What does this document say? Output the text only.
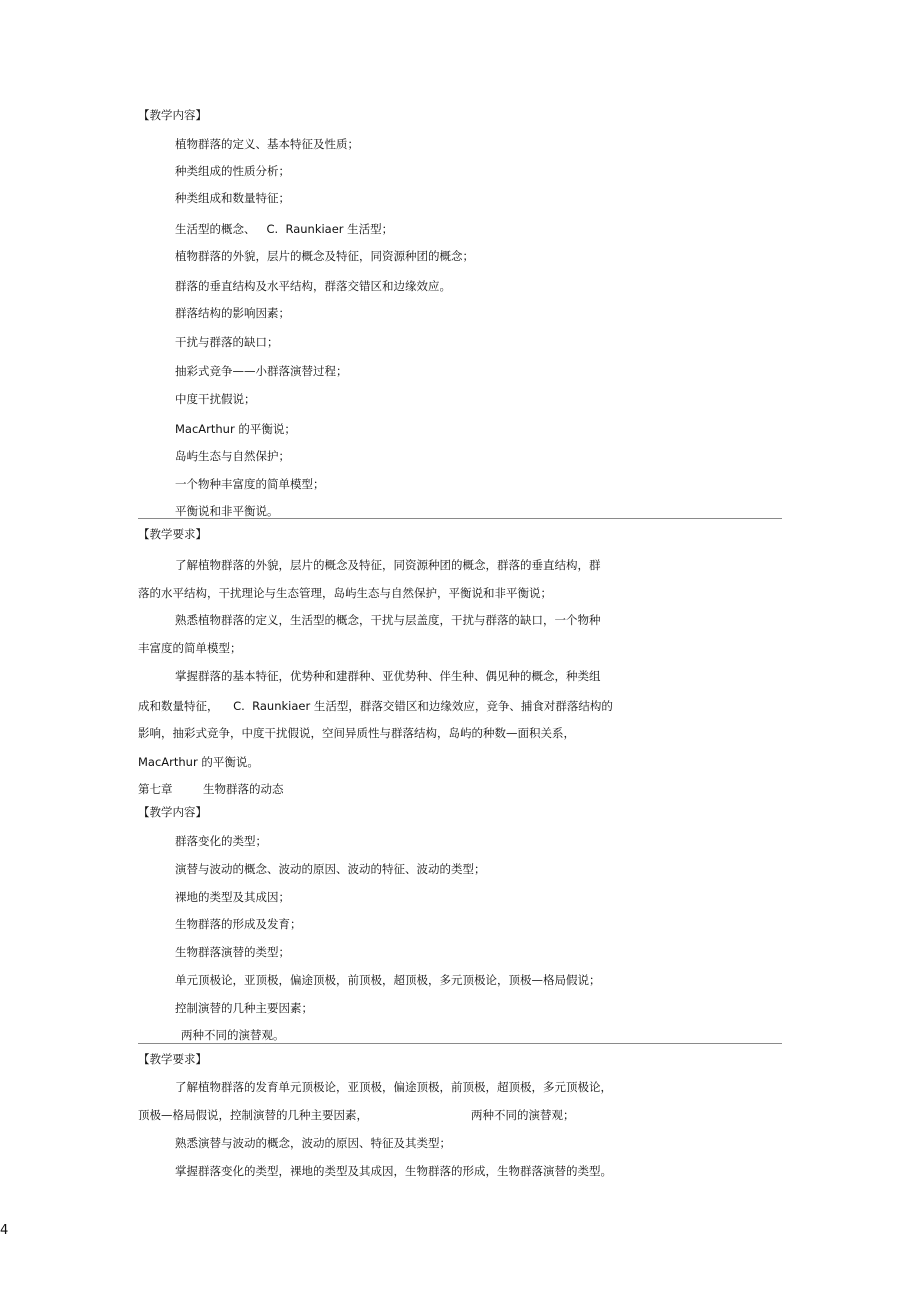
【教学内容】
植物群落的定义、基本特征及性质；
种类组成的性质分析；
种类组成和数量特征；
生活型的概念、   C.  Raunkiaer 生活型；
植物群落的外貌，层片的概念及特征，同资源种团的概念；
群落的垂直结构及水平结构，群落交错区和边缘效应。
群落结构的影响因素；
干扰与群落的缺口；
抽彩式竞争——小群落演替过程；
中度干扰假说；
MacArthur 的平衡说；
岛屿生态与自然保护；
一个物种丰富度的简单模型；
平衡说和非平衡说。
【教学要求】
了解植物群落的外貌，层片的概念及特征，同资源种团的概念，群落的垂直结构，群
落的水平结构，干扰理论与生态管理，岛屿生态与自然保护，平衡说和非平衡说；
熟悉植物群落的定义，生活型的概念，干扰与层盖度，干扰与群落的缺口，一个物种
丰富度的简单模型；
掌握群落的基本特征，优势种和建群种、亚优势种、伴生种、偶见种的概念，种类组
成和数量特征，    C.  Raunkiaer 生活型，群落交错区和边缘效应，竞争、捕食对群落结构的
影响，抽彩式竞争，中度干扰假说，空间异质性与群落结构，岛屿的种数—面积关系，
MacArthur 的平衡说。
第七章	生物群落的动态
【教学内容】
群落变化的类型；
演替与波动的概念、波动的原因、波动的特征、波动的类型；
裸地的类型及其成因；
生物群落的形成及发育；
生物群落演替的类型；
单元顶极论，亚顶极，偏途顶极，前顶极，超顶极，多元顶极论，顶极—格局假说；
控制演替的几种主要因素；
两种不同的演替观。
【教学要求】
了解植物群落的发育单元顶极论，亚顶极，偏途顶极，前顶极，超顶极，多元顶极论，
顶极—格局假说，控制演替的几种主要因素，	两种不同的演替观；
熟悉演替与波动的概念，波动的原因、特征及其类型；
掌握群落变化的类型，裸地的类型及其成因，生物群落的形成，生物群落演替的类型。
4
